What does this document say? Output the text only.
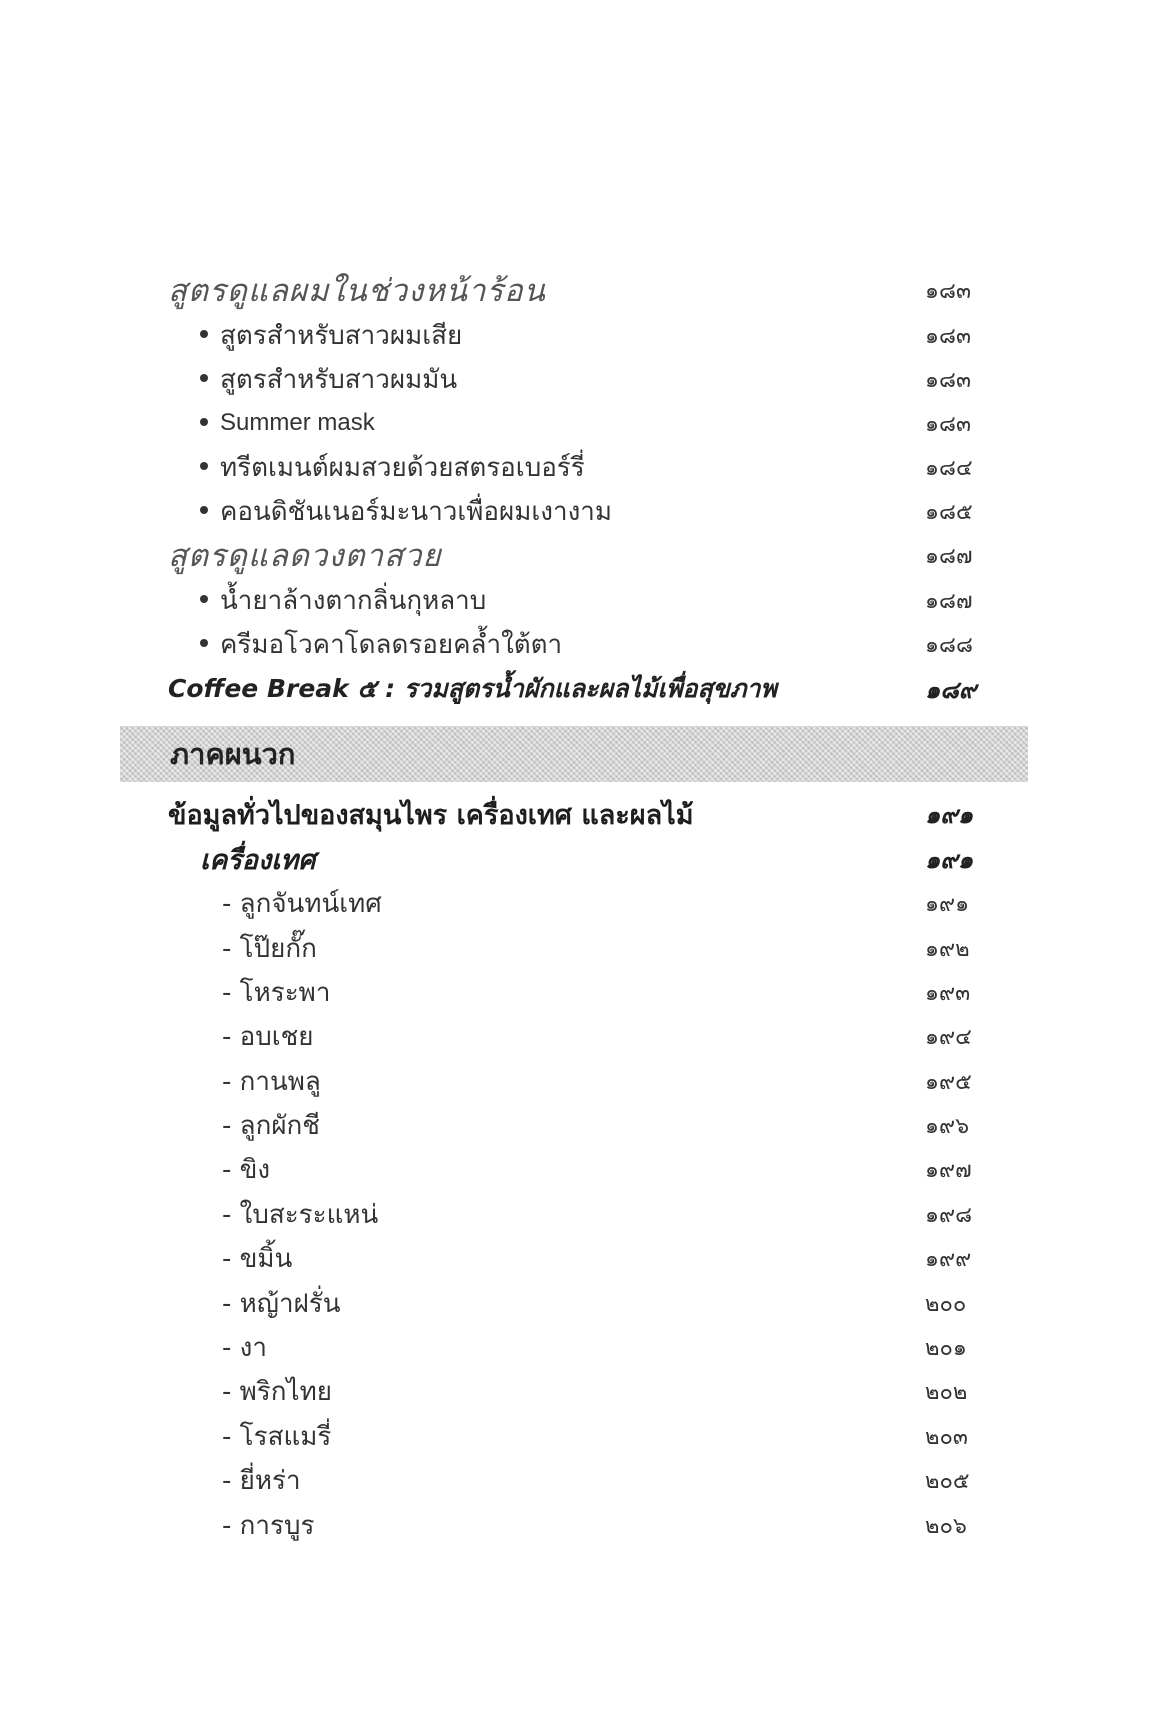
สูตรดูแลผมในช่วงหน้าร้อน	๑๘๓
สูตรสำหรับสาวผมเสีย	๑๘๓
สูตรสำหรับสาวผมมัน	๑๘๓
Summer mask	๑๘๓
ทรีตเมนต์ผมสวยด้วยสตรอเบอร์รี่	๑๘๔
คอนดิชันเนอร์มะนาวเพื่อผมเงางาม	๑๘๕
สูตรดูแลดวงตาสวย	๑๘๗
น้ำยาล้างตากลิ่นกุหลาบ	๑๘๗
ครีมอโวคาโดลดรอยคล้ำใต้ตา	๑๘๘
Coffee Break ๕ : รวมสูตรน้ำผักและผลไม้เพื่อสุขภาพ	๑๘๙
ภาคผนวก
ข้อมูลทั่วไปของสมุนไพร เครื่องเทศ และผลไม้	๑๙๑
เครื่องเทศ	๑๙๑
- ลูกจันทน์เทศ	๑๙๑
- โป๊ยกั๊ก	๑๙๒
- โหระพา	๑๙๓
- อบเชย	๑๙๔
- กานพลู	๑๙๕
- ลูกผักชี	๑๙๖
- ขิง	๑๙๗
- ใบสะระแหน่	๑๙๘
- ขมิ้น	๑๙๙
- หญ้าฝรั่น	๒๐๐
- งา	๒๐๑
- พริกไทย	๒๐๒
- โรสแมรี่	๒๐๓
- ยี่หร่า	๒๐๕
- การบูร	๒๐๖
